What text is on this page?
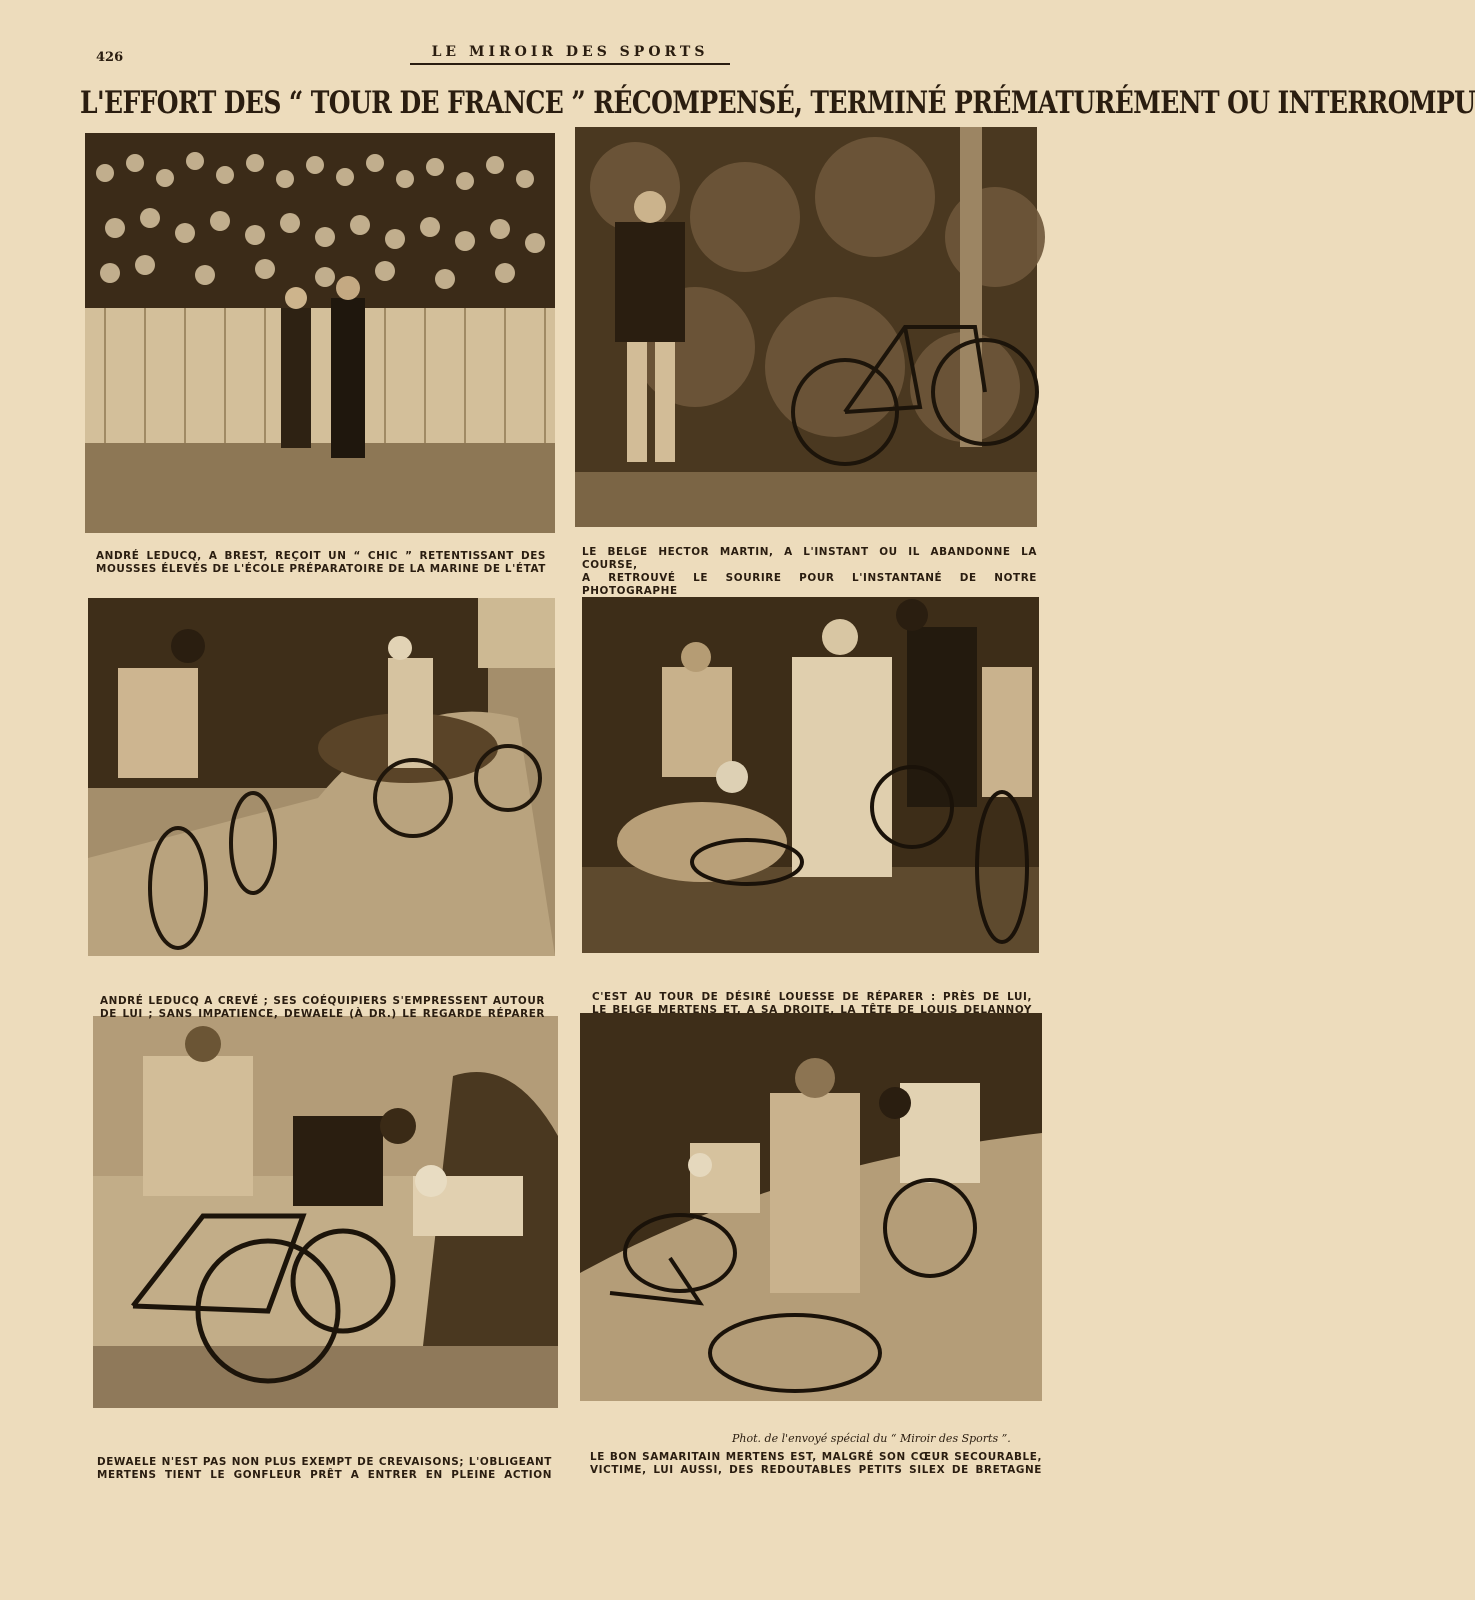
426	LE MIROIR DES SPORTS
L'EFFORT DES “ TOUR DE FRANCE ” RÉCOMPENSÉ, TERMINÉ PRÉMATURÉMENT OU INTERROMPU
ANDRÉ LEDUCQ, A BREST, REÇOIT UN “ CHIC ” RETENTISSANT DES
MOUSSES ÉLEVÉS DE L'ÉCOLE PRÉPARATOIRE DE LA MARINE DE L'ÉTAT
LE BELGE HECTOR MARTIN, A L'INSTANT OU IL ABANDONNE LA COURSE,
A RETROUVÉ LE SOURIRE POUR L'INSTANTANÉ DE NOTRE PHOTOGRAPHE
ANDRÉ LEDUCQ A CREVÉ ; SES COÉQUIPIERS S'EMPRESSENT AUTOUR
DE LUI ; SANS IMPATIENCE, DEWAELE (À DR.) LE REGARDE RÉPARER
C'EST AU TOUR DE DÉSIRÉ LOUESSE DE RÉPARER : PRÈS DE LUI,
LE BELGE MERTENS ET, A SA DROITE, LA TÊTE DE LOUIS DELANNOY
DEWAELE N'EST PAS NON PLUS EXEMPT DE CREVAISONS; L'OBLIGEANT
MERTENS TIENT LE GONFLEUR PRÊT A ENTRER EN PLEINE ACTION
LE BON SAMARITAIN MERTENS EST, MALGRÉ SON CŒUR SECOURABLE,
VICTIME, LUI AUSSI, DES REDOUTABLES PETITS SILEX DE BRETAGNE
Phot. de l'envoyé spécial du “ Miroir des Sports ”.
